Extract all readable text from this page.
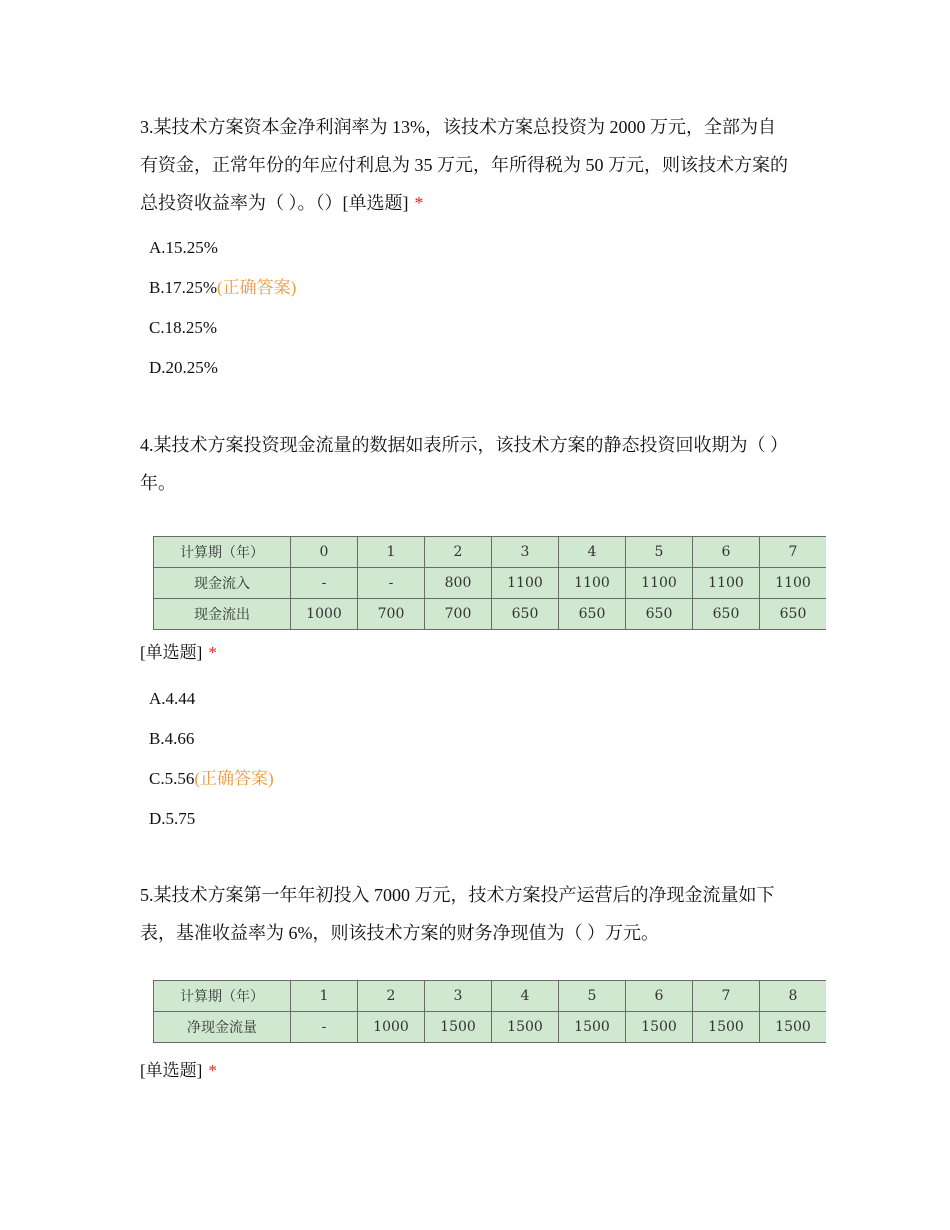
3.某技术方案资本金净利润率为 13%，该技术方案总投资为 2000 万元，全部为自
有资金，正常年份的年应付利息为 35 万元，年所得税为 50 万元，则该技术方案的
总投资收益率为（ ）。（）[单选题] *
A.15.25%
B.17.25%(正确答案)
C.18.25%
D.20.25%
4.某技术方案投资现金流量的数据如表所示，该技术方案的静态投资回收期为（ ）
年。
计算期（年）	0	1	2	3	4	5	6	7
现金流入	-	-	800	1100	1100	1100	1100	1100
现金流出	1000	700	700	650	650	650	650	650
[单选题] *
A.4.44
B.4.66
C.5.56(正确答案)
D.5.75
5.某技术方案第一年年初投入 7000 万元，技术方案投产运营后的净现金流量如下
表，基准收益率为 6%，则该技术方案的财务净现值为（ ）万元。
计算期（年）	1	2	3	4	5	6	7	8
净现金流量	-	1000	1500	1500	1500	1500	1500	1500
[单选题] *
